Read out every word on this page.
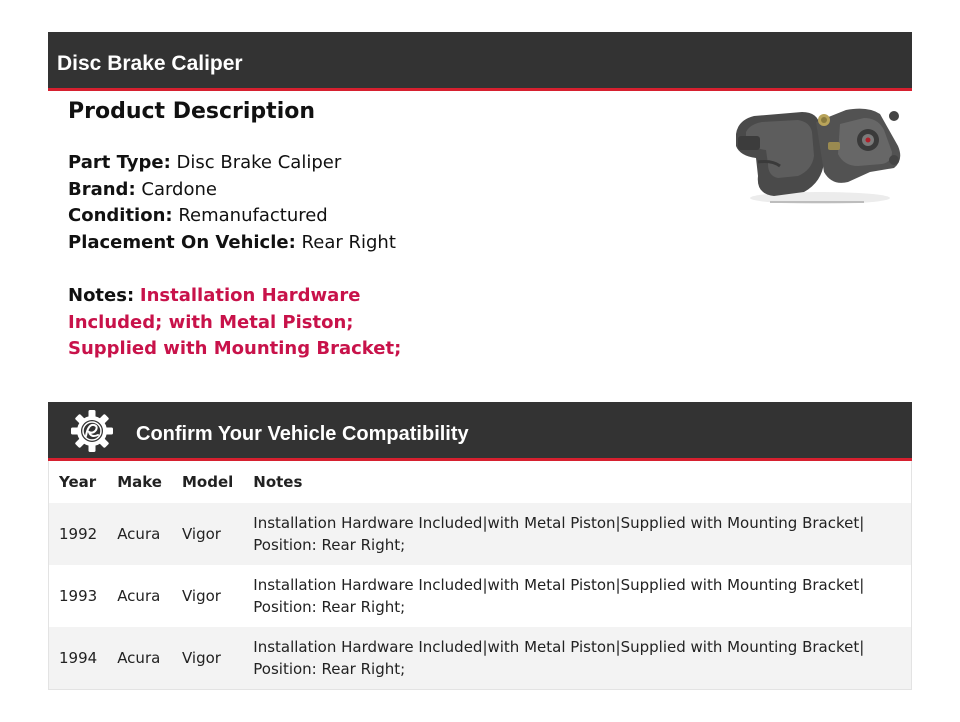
Disc Brake Caliper
Product Description
Part Type: Disc Brake Caliper
Brand: Cardone
Condition: Remanufactured
Placement On Vehicle: Rear Right
Notes: Installation Hardware Included; with Metal Piston; Supplied with Mounting Bracket;
Confirm Your Vehicle Compatibility
Year	Make	Model	Notes
1992	Acura	Vigor	Installation Hardware Included|with Metal Piston|Supplied with Mounting Bracket| Position: Rear Right;
1993	Acura	Vigor	Installation Hardware Included|with Metal Piston|Supplied with Mounting Bracket| Position: Rear Right;
1994	Acura	Vigor	Installation Hardware Included|with Metal Piston|Supplied with Mounting Bracket| Position: Rear Right;
